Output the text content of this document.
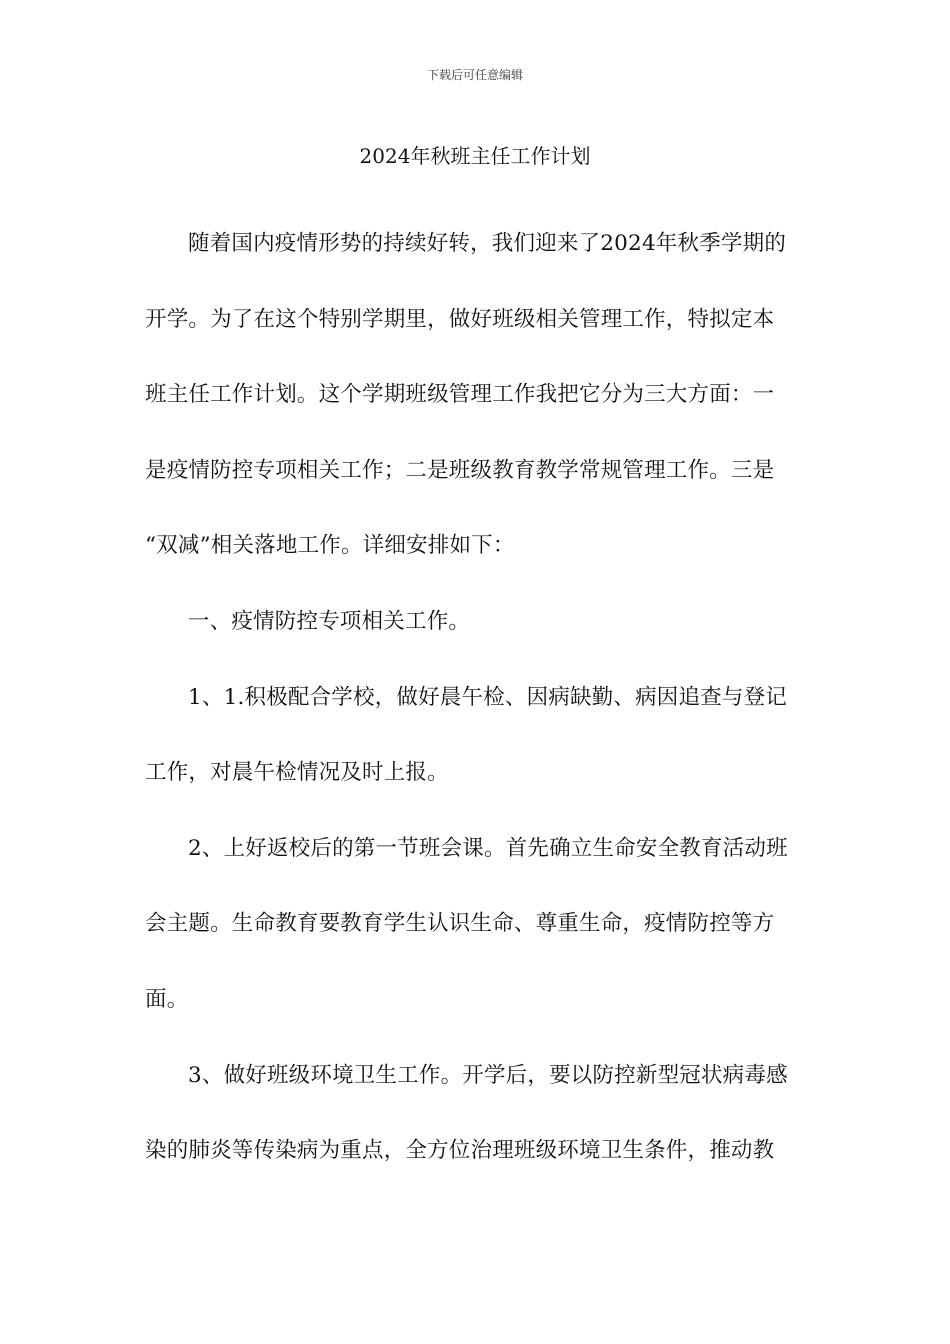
下载后可任意编辑
2024年秋班主任工作计划
随着国内疫情形势的持续好转，我们迎来了2024年秋季学期的
开学。为了在这个特别学期里，做好班级相关管理工作，特拟定本
班主任工作计划。这个学期班级管理工作我把它分为三大方面：一
是疫情防控专项相关工作；二是班级教育教学常规管理工作。三是
“双减”相关落地工作。详细安排如下：
一、疫情防控专项相关工作。
1、1.积极配合学校，做好晨午检、因病缺勤、病因追查与登记
工作，对晨午检情况及时上报。
2、上好返校后的第一节班会课。首先确立生命安全教育活动班
会主题。生命教育要教育学生认识生命、尊重生命，疫情防控等方
面。
3、做好班级环境卫生工作。开学后，要以防控新型冠状病毒感
染的肺炎等传染病为重点，全方位治理班级环境卫生条件，推动教
